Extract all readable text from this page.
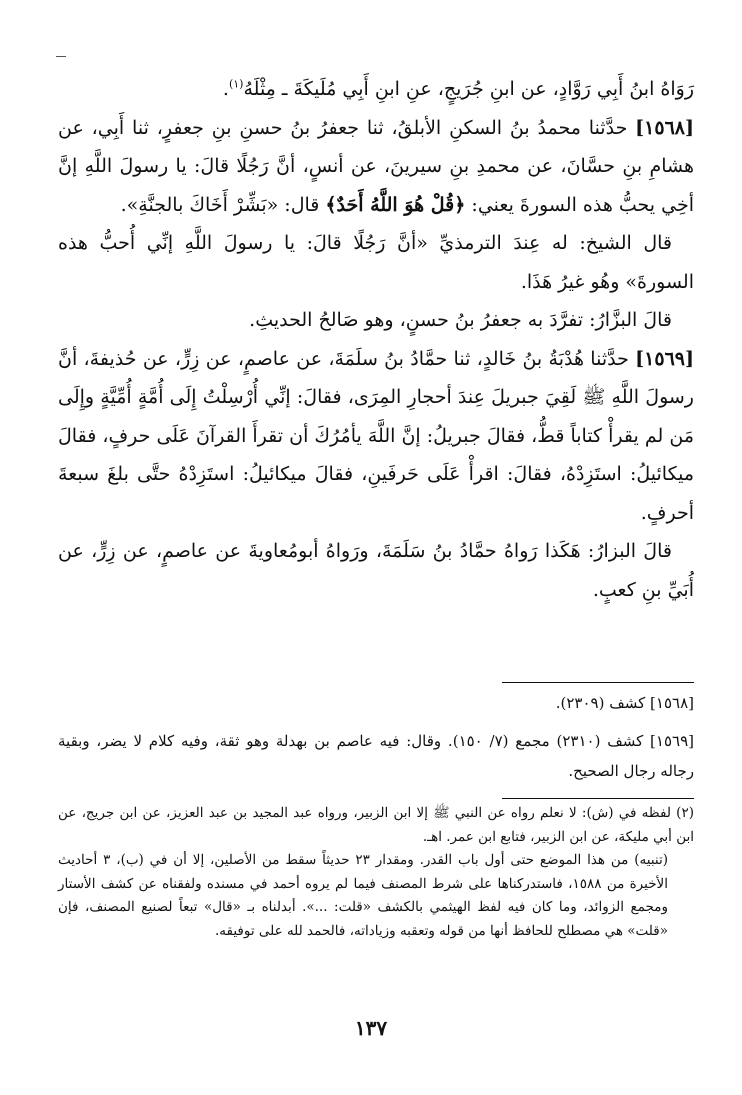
رَوَاهُ ابنُ أَبِي رَوَّادٍ، عن ابنِ جُرَيجٍ، عنِ ابنِ أَبِي مُلَيكَةَ ـ مِثْلَهُ$^{(١)}$.

[١٥٦٨] حدَّثنا محمدُ بنُ السكنِ الأبلقُ، ثنا جعفرُ بنُ حسنِ بنِ جعفرٍ، ثنا أَبِي، عن هشامِ بنِ حسَّانَ، عن محمدِ بنِ سيرينَ، عن أنسٍ، أنَّ رَجُلًا قالَ: يا رسولَ اللَّهِ إنَّ أخِي يحبُّ هذه السورةَ يعني: ﴿قُلْ هُوَ اللَّهُ أَحَدٌ﴾ قال: «بَشِّرْ أَخَاكَ بالجنَّةِ».

قال الشيخ: له عِندَ الترمذيِّ «أنَّ رَجُلًا قالَ: يا رسولَ اللَّهِ إنِّي أُحبُّ هذه السورةَ» وهُو غيرُ هَذَا.

قالَ البزَّارُ: تفرَّدَ به جعفرُ بنُ حسنٍ، وهو صَالحُ الحديثِ.

[١٥٦٩] حدَّثنا هُدْبَةُ بنُ خَالدٍ، ثنا حمَّادُ بنُ سلَمَةَ، عن عاصمٍ، عن زِرٍّ، عن حُذيفةَ، أنَّ رسولَ اللَّهِ ﷺ لَقِيَ جبريلَ عِندَ أحجارِ المِرَى، فقالَ: إنِّي أُرْسِلْتُ إِلَى أُمَّةٍ أُمِّيَّةٍ وإِلَى مَن لم يقرأْ كتاباً قطُّ، فقالَ جبريلُ: إنَّ اللَّهَ يأمُرُكَ أن تقرأَ القرآنَ عَلَى حرفٍ، فقالَ ميكائيلُ: استَزِدْهُ، فقالَ: اقرأْ عَلَى حَرفَينِ، فقالَ ميكائيلُ: استَزِدْهُ حتَّى بلغَ سبعةَ أحرفٍ.

قالَ البزارُ: هَكَذا رَواهُ حمَّادُ بنُ سَلَمَةَ، ورَواهُ أبومُعاويةَ عن عاصمٍ، عن زِرٍّ، عن أُبَيِّ بنِ كعبٍ.

[١٥٦٨] كشف (٢٣٠٩).
[١٥٦٩] كشف (٢٣١٠) مجمع (٧/ ١٥٠). وقال: فيه عاصم بن بهدلة وهو ثقة، وفيه كلام لا يضر، وبقية رجاله رجال الصحيح.

(٢) لفظه في (ش): لا نعلم رواه عن النبي ﷺ إلا ابن الزبير، ورواه عبد المجيد بن عبد العزيز، عن ابن جريج، عن ابن أبي مليكة، عن ابن الزبير، فتابع ابن عمر. اهـ.

(تنبيه) من هذا الموضع حتى أول باب القدر. ومقدار ٢٣ حديثاً سقط من الأصلين، إلا أن في (ب)، ٣ أحاديث الأخيرة من ١٥٨٨، فاستدركناها على شرط المصنف فيما لم يروه أحمد في مسنده ولفقناه عن كشف الأستار ومجمع الزوائد، وما كان فيه لفظ الهيثمي بالكشف «قلت: ...». أبدلناه بـ «قال» تبعاً لصنيع المصنف، فإن «قلت» هي مصطلح للحافظ أنها من قوله وتعقبه وزياداته، فالحمد لله على توفيقه.

١٣٧
